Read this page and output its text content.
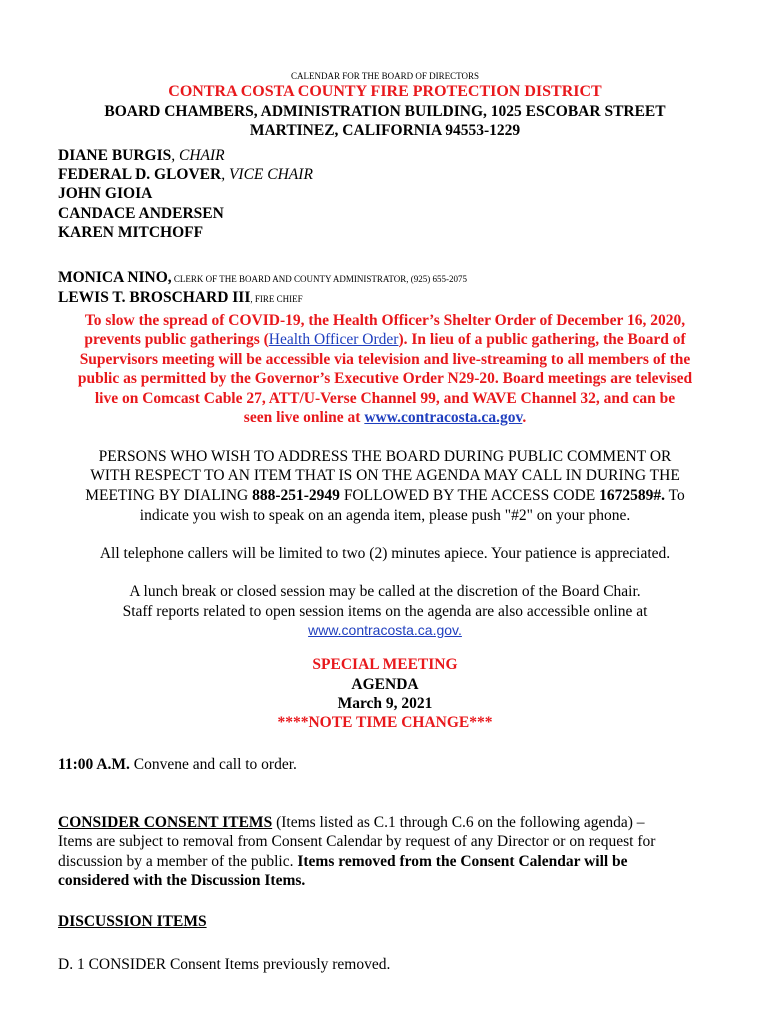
CALENDAR FOR THE BOARD OF DIRECTORS
CONTRA COSTA COUNTY FIRE PROTECTION DISTRICT
BOARD CHAMBERS, ADMINISTRATION BUILDING, 1025 ESCOBAR STREET
MARTINEZ, CALIFORNIA 94553-1229
DIANE BURGIS, CHAIR
FEDERAL D. GLOVER, VICE CHAIR
JOHN GIOIA
CANDACE ANDERSEN
KAREN MITCHOFF
MONICA NINO, CLERK OF THE BOARD AND COUNTY ADMINISTRATOR, (925) 655-2075
LEWIS T. BROSCHARD III, FIRE CHIEF
To slow the spread of COVID-19, the Health Officer’s Shelter Order of December 16, 2020,
prevents public gatherings (Health Officer Order). In lieu of a public gathering, the Board of
Supervisors meeting will be accessible via television and live-streaming to all members of the
public as permitted by the Governor’s Executive Order N29-20. Board meetings are televised
live on Comcast Cable 27, ATT/U-Verse Channel 99, and WAVE Channel 32, and can be
seen live online at www.contracosta.ca.gov.
PERSONS WHO WISH TO ADDRESS THE BOARD DURING PUBLIC COMMENT OR
WITH RESPECT TO AN ITEM THAT IS ON THE AGENDA MAY CALL IN DURING THE
MEETING BY DIALING 888-251-2949 FOLLOWED BY THE ACCESS CODE 1672589#. To
indicate you wish to speak on an agenda item, please push "#2" on your phone.
All telephone callers will be limited to two (2) minutes apiece. Your patience is appreciated.
A lunch break or closed session may be called at the discretion of the Board Chair.
Staff reports related to open session items on the agenda are also accessible online at
www.contracosta.ca.gov.
SPECIAL MEETING
AGENDA
March 9, 2021
****NOTE TIME CHANGE***
11:00 A.M. Convene and call to order.
CONSIDER CONSENT ITEMS (Items listed as C.1 through C.6 on the following agenda) –
Items are subject to removal from Consent Calendar by request of any Director or on request for
discussion by a member of the public. Items removed from the Consent Calendar will be
considered with the Discussion Items.
DISCUSSION ITEMS
D. 1 CONSIDER Consent Items previously removed.
